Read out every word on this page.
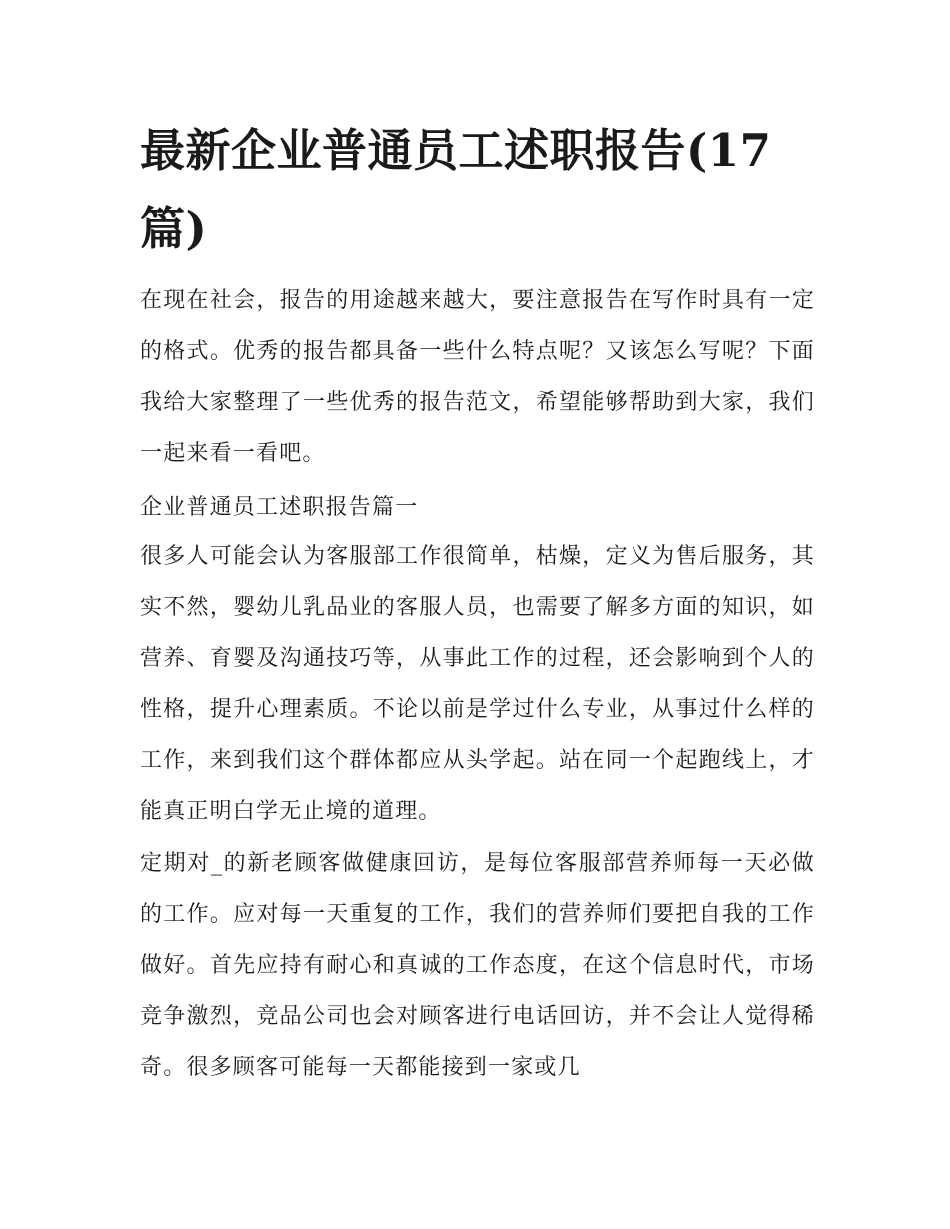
最新企业普通员工述职报告(17篇)

在现在社会，报告的用途越来越大，要注意报告在写作时具有一定的格式。优秀的报告都具备一些什么特点呢？又该怎么写呢？下面我给大家整理了一些优秀的报告范文，希望能够帮助到大家，我们一起来看一看吧。

企业普通员工述职报告篇一

很多人可能会认为客服部工作很简单，枯燥，定义为售后服务，其实不然，婴幼儿乳品业的客服人员，也需要了解多方面的知识，如营养、育婴及沟通技巧等，从事此工作的过程，还会影响到个人的性格，提升心理素质。不论以前是学过什么专业，从事过什么样的工作，来到我们这个群体都应从头学起。站在同一个起跑线上，才能真正明白学无止境的道理。

定期对_的新老顾客做健康回访，是每位客服部营养师每一天必做的工作。应对每一天重复的工作，我们的营养师们要把自我的工作做好。首先应持有耐心和真诚的工作态度，在这个信息时代，市场竞争激烈，竞品公司也会对顾客进行电话回访，并不会让人觉得稀奇。很多顾客可能每一天都能接到一家或几
